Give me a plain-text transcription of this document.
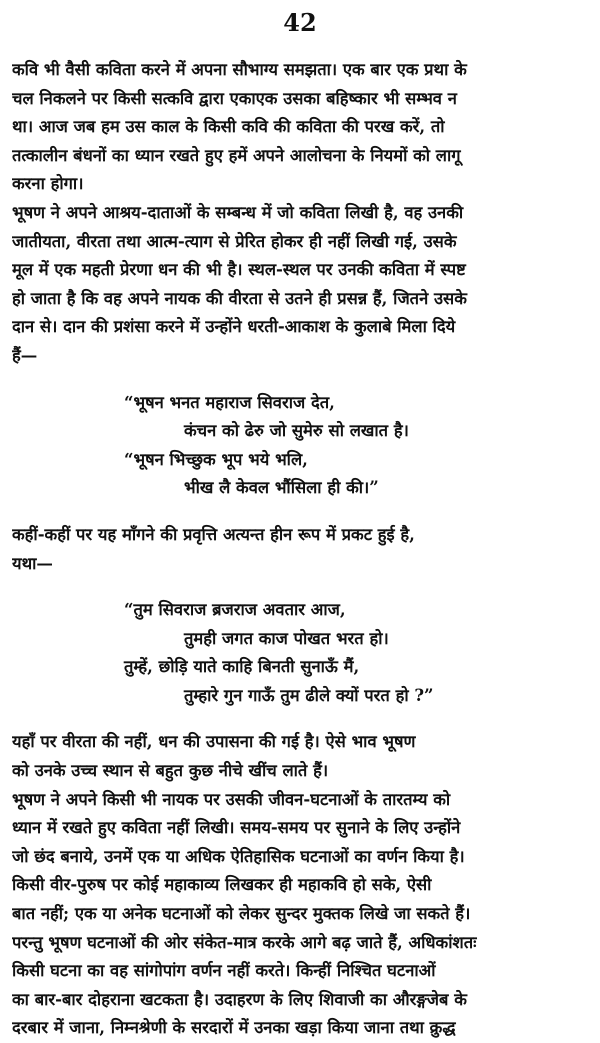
42
कवि भी वैसी कविता करने में अपना सौभाग्य समझता। एक बार एक प्रथा के
चल निकलने पर किसी सत्कवि द्वारा एकाएक उसका बहिष्कार भी सम्भव न
था। आज जब हम उस काल के किसी कवि की कविता की परख करें, तो
तत्कालीन बंधनों का ध्यान रखते हुए हमें अपने आलोचना के नियमों को लागू
करना होगा।
भूषण ने अपने आश्रय-दाताओं के सम्बन्ध में जो कविता लिखी है, वह उनकी
जातीयता, वीरता तथा आत्म-त्याग से प्रेरित होकर ही नहीं लिखी गई, उसके
मूल में एक महती प्रेरणा धन की भी है। स्थल-स्थल पर उनकी कविता में स्पष्ट
हो जाता है कि वह अपने नायक की वीरता से उतने ही प्रसन्न हैं, जितने उसके
दान से। दान की प्रशंसा करने में उन्होंने धरती-आकाश के कुलाबे मिला दिये
हैं—
“भूषन भनत महाराज सिवराज देत,
कंचन को ढेरु जो सुमेरु सो लखात है।
“भूषन भिच्छुक भूप भये भलि,
भीख लै केवल भौंसिला ही की।”
कहीं-कहीं पर यह माँगने की प्रवृत्ति अत्यन्त हीन रूप में प्रकट हुई है,
यथा—
“तुम सिवराज ब्रजराज अवतार आज,
तुमही जगत काज पोखत भरत हो।
तुम्हें, छोड़ि याते काहि बिनती सुनाऊँ मैं,
तुम्हारे गुन गाऊँ तुम ढीले क्यों परत हो ?”
यहाँ पर वीरता की नहीं, धन की उपासना की गई है। ऐसे भाव भूषण
को उनके उच्च स्थान से बहुत कुछ नीचे खींच लाते हैं।
भूषण ने अपने किसी भी नायक पर उसकी जीवन-घटनाओं के तारतम्य को
ध्यान में रखते हुए कविता नहीं लिखी। समय-समय पर सुनाने के लिए उन्होंने
जो छंद बनाये, उनमें एक या अधिक ऐतिहासिक घटनाओं का वर्णन किया है।
किसी वीर-पुरुष पर कोई महाकाव्य लिखकर ही महाकवि हो सके, ऐसी
बात नहीं; एक या अनेक घटनाओं को लेकर सुन्दर मुक्तक लिखे जा सकते हैं।
परन्तु भूषण घटनाओं की ओर संकेत-मात्र करके आगे बढ़ जाते हैं, अधिकांशतः
किसी घटना का वह सांगोपांग वर्णन नहीं करते। किन्हीं निश्चित घटनाओं
का बार-बार दोहराना खटकता है। उदाहरण के लिए शिवाजी का औरङ्गजेब के
दरबार में जाना, निम्नश्रेणी के सरदारों में उनका खड़ा किया जाना तथा क्रुद्ध
